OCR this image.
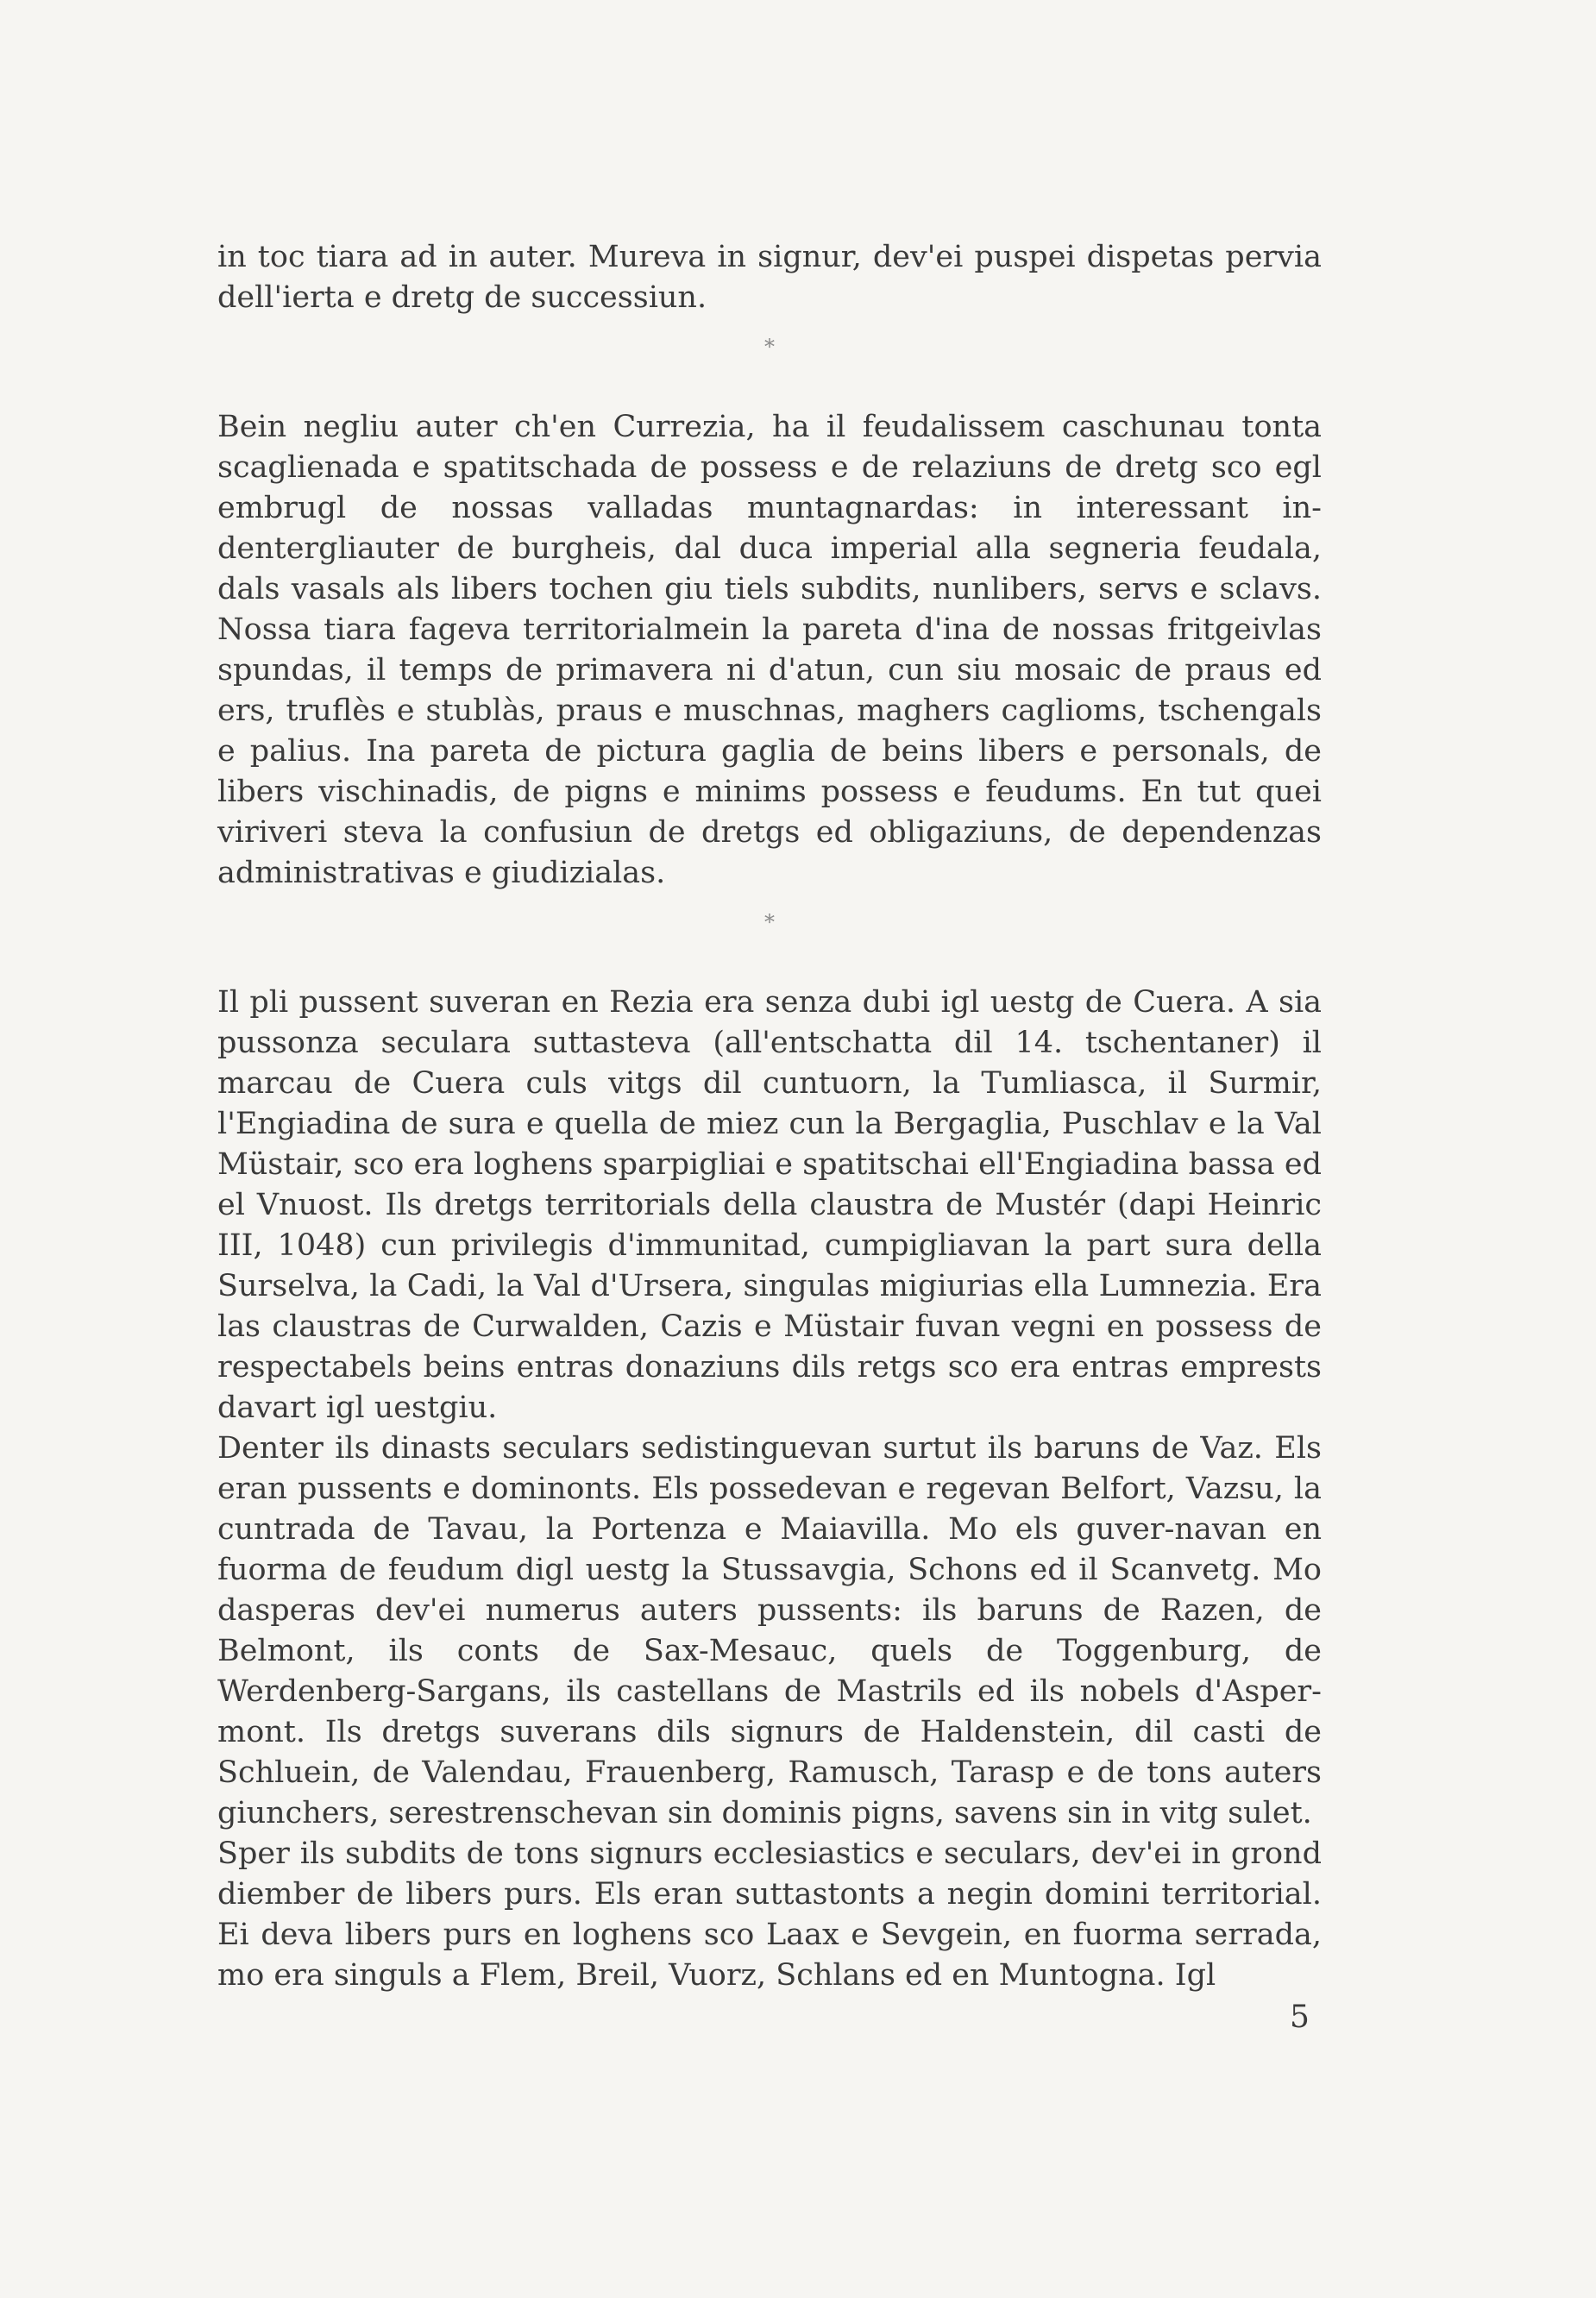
in toc tiara ad in auter. Mureva in signur, dev'ei puspei dispetas pervia dell'ierta e dretg de successiun.

*

Bein negliu auter ch'en Currezia, ha il feudalissem caschunau tonta scaglienada e spatitschada de possess e de relaziuns de dretg sco egl embrugl de nossas valladas muntagnardas: in interessant in-dentergliauter de burgheis, dal duca imperial alla segneria feudala, dals vasals als libers tochen giu tiels subdits, nunlibers, servs e sclavs. Nossa tiara fageva territorialmein la pareta d'ina de nossas fritgeivlas spundas, il temps de primavera ni d'atun, cun siu mosaic de praus ed ers, truflès e stublàs, praus e muschnas, maghers caglioms, tschengals e palius. Ina pareta de pictura gaglia de beins libers e personals, de libers vischinadis, de pigns e minims possess e feudums. En tut quei viriveri steva la confusiun de dretgs ed obligaziuns, de dependenzas administrativas e giudizialas.

*

Il pli pussent suveran en Rezia era senza dubi igl uestg de Cuera. A sia pussonza seculara suttasteva (all'entschatta dil 14. tschentaner) il marcau de Cuera culs vitgs dil cuntuorn, la Tumliasca, il Surmir, l'Engiadina de sura e quella de miez cun la Bergaglia, Puschlav e la Val Müstair, sco era loghens sparpigliai e spatitschai ell'Engiadina bassa ed el Vnuost. Ils dretgs territorials della claustra de Mustér (dapi Heinric III, 1048) cun privilegis d'immunitad, cumpigliavan la part sura della Surselva, la Cadi, la Val d'Ursera, singulas migiurias ella Lumnezia. Era las claustras de Curwalden, Cazis e Müstair fuvan vegni en possess de respectabels beins entras donaziuns dils retgs sco era entras emprests davart igl uestgiu.

Denter ils dinasts seculars sedistinguevan surtut ils baruns de Vaz. Els eran pussents e dominonts. Els possedevan e regevan Belfort, Vazsu, la cuntrada de Tavau, la Portenza e Maiavilla. Mo els guver-navan en fuorma de feudum digl uestg la Stussavgia, Schons ed il Scanvetg. Mo dasperas dev'ei numerus auters pussents: ils baruns de Razen, de Belmont, ils conts de Sax-Mesauc, quels de Toggenburg, de Werdenberg-Sargans, ils castellans de Mastrils ed ils nobels d'Asper-mont. Ils dretgs suverans dils signurs de Haldenstein, dil casti de Schluein, de Valendau, Frauenberg, Ramusch, Tarasp e de tons auters giunchers, serestrenschevan sin dominis pigns, savens sin in vitg sulet.

Sper ils subdits de tons signurs ecclesiastics e seculars, dev'ei in grond diember de libers purs. Els eran suttastonts a negin domini territorial. Ei deva libers purs en loghens sco Laax e Sevgein, en fuorma serrada, mo era singuls a Flem, Breil, Vuorz, Schlans ed en Muntogna. Igl

5
